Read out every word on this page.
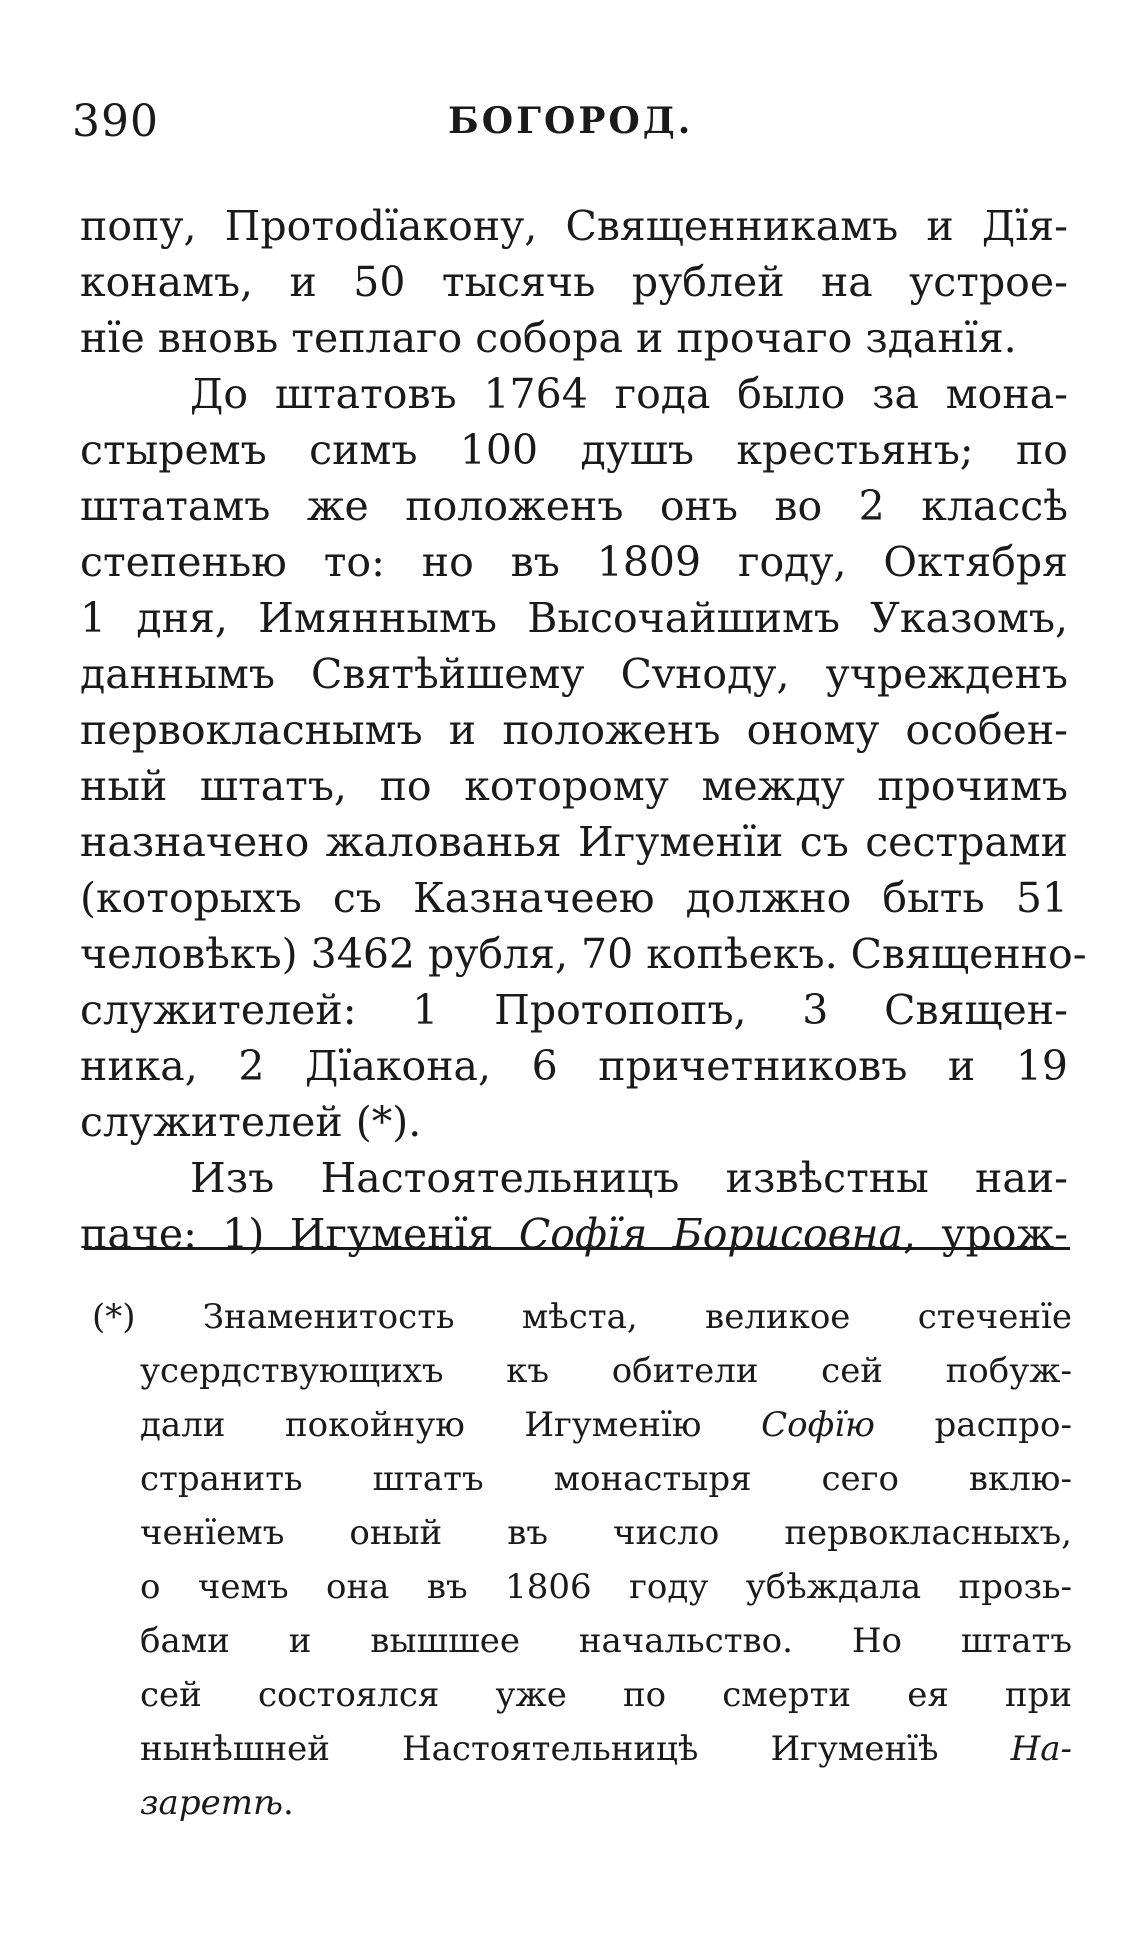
390	БОГОРОД.
попу, Протоdїакону, Священникамъ и Дїя-
конамъ, и 50 тысячь рублей на устрое-
нїе вновь теплаго собора и прочаго зданїя.
До штатовъ 1764 года было за мона-
стыремъ симъ 100 душъ крестьянъ; по
штатамъ же положенъ онъ во 2 классѣ
степенью то: но въ 1809 году, Октября
1 дня, Имяннымъ Высочайшимъ Указомъ,
даннымъ Святѣйшему Сvноду, учрежденъ
первокласнымъ и положенъ оному особен-
ный штатъ, по которому между прочимъ
назначено жалованья Игуменїи съ сестрами
(которыхъ съ Казначеею должно быть 51
человѣкъ) 3462 рубля, 70 копѣекъ. Священно-
служителей: 1 Протопопъ, 3 Священ-
ника, 2 Дїакона, 6 причетниковъ и 19
служителей (*).
Изъ Настоятельницъ извѣстны наи-
паче: 1) Игуменїя Софїя Борисовна, урож-
(*) Знаменитость мѣста, великое стеченїе
усердствующихъ къ обители сей побуж-
дали покойную Игуменїю Софїю распро-
странить штатъ монастыря сего вклю-
ченїемъ оный въ число первокласныхъ,
о чемъ она въ 1806 году убѣждала прозь-
бами и вышшее начальство. Но штатъ
сей состоялся уже по смерти ея при
нынѣшней Настоятельницѣ Игуменїѣ На-
заретѣ.
